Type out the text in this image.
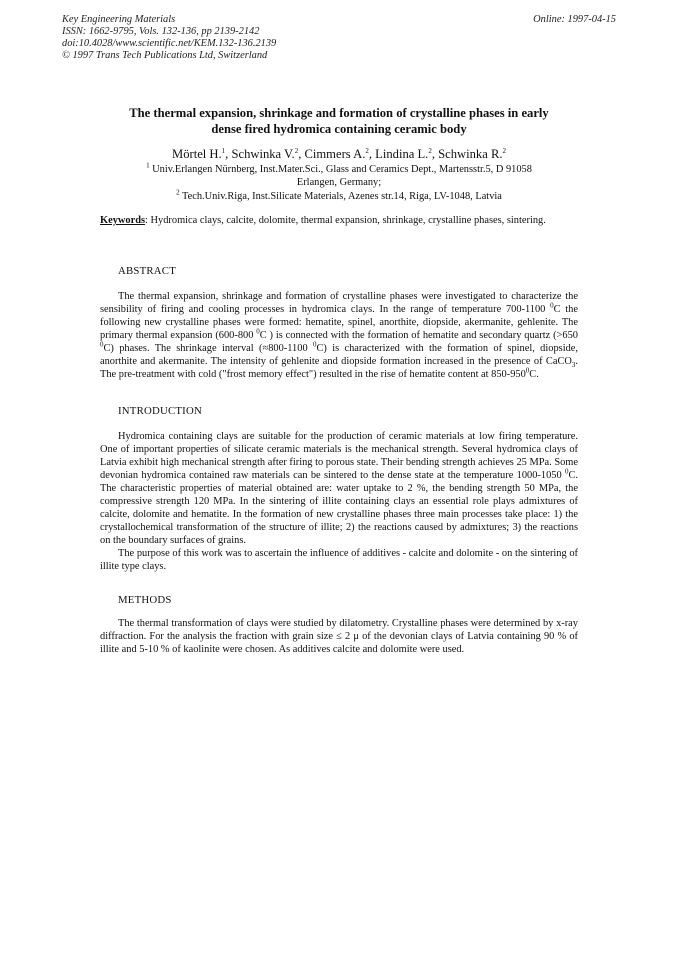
Key Engineering Materials
ISSN: 1662-9795, Vols. 132-136, pp 2139-2142
doi:10.4028/www.scientific.net/KEM.132-136.2139
© 1997 Trans Tech Publications Ltd, Switzerland
Online: 1997-04-15
The thermal expansion, shrinkage and formation of crystalline phases in early
dense fired hydromica containing ceramic body
Mörtel H.$^1$, Schwinka V.$^2$, Cimmers A.$^2$, Lindina L.$^2$, Schwinka R.$^2$
$^1$ Univ.Erlangen Nürnberg, Inst.Mater.Sci., Glass and Ceramics Dept., Martensstr.5, D 91058
Erlangen, Germany;
$^2$ Tech.Univ.Riga, Inst.Silicate Materials, Azenes str.14, Riga, LV-1048, Latvia
Keywords: Hydromica clays, calcite, dolomite, thermal expansion, shrinkage, crystalline phases, sintering.
ABSTRACT

The thermal expansion, shrinkage and formation of crystalline phases were investigated to characterize the sensibility of firing and cooling processes in hydromica clays. In the range of temperature 700-1100 $^0$C the following new crystalline phases were formed: hematite, spinel, anorthite, diopside, akermanite, gehlenite. The primary thermal expansion (600-800 $^0$C ) is connected with the formation of hematite and secondary quartz (>650 $^0$C) phases. The shrinkage interval (≈800-1100 $^0$C) is characterized with the formation of spinel, diopside, anorthite and akermanite. The intensity of gehlenite and diopside formation increased in the presence of CaCO$_3$. The pre-treatment with cold ("frost memory effect") resulted in the rise of hematite content at $850-950^0C$.

INTRODUCTION

Hydromica containing clays are suitable for the production of ceramic materials at low firing temperature. One of important properties of silicate ceramic materials is the mechanical strength. Several hydromica clays of Latvia exhibit high mechanical strength after firing to porous state. Their bending strength achieves 25 MPa. Some devonian hydromica contained raw materials can be sintered to the dense state at the temperature 1000-1050 $^0$C. The characteristic properties of material obtained are: water uptake to 2 %, the bending strength 50 MPa, the compressive strength 120 MPa. In the sintering of illite containing clays an essential role plays admixtures of calcite, dolomite and hematite. In the formation of new crystalline phases three main processes take place: 1) the crystallochemical transformation of the structure of illite; 2) the reactions caused by admixtures; 3) the reactions on the boundary surfaces of grains.

The purpose of this work was to ascertain the influence of additives - calcite and dolomite - on the sintering of illite type clays.

METHODS

The thermal transformation of clays were studied by dilatometry. Crystalline phases were determined by x-ray diffraction. For the analysis the fraction with grain size ≤ 2 μ of the devonian clays of Latvia containing 90 % of illite and 5-10 % of kaolinite were chosen. As additives calcite and dolomite were used.
